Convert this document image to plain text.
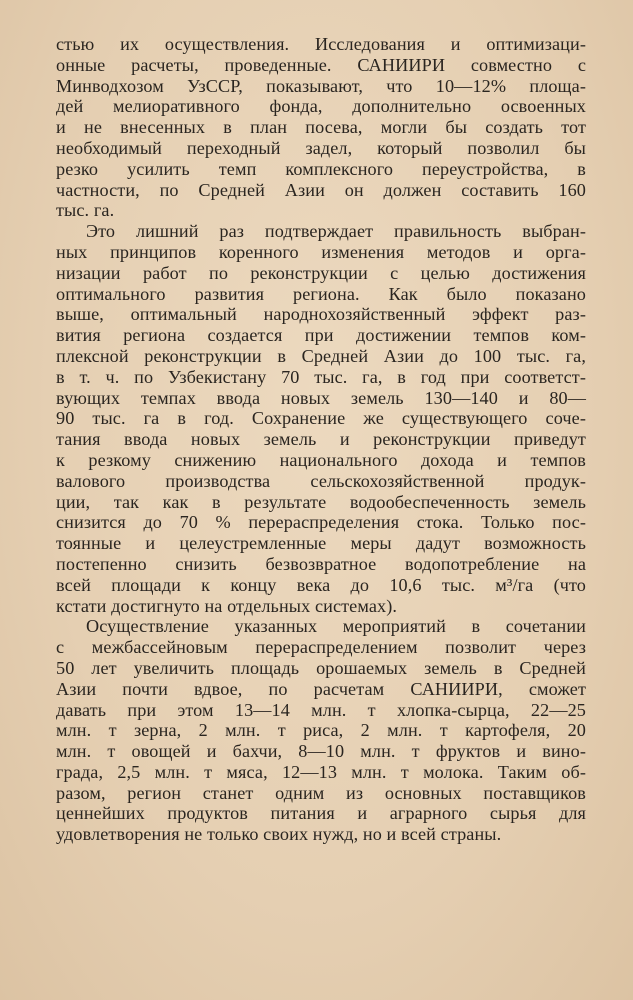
стью их осуществления. Исследования и оптимизаци-
онные расчеты, проведенные. САНИИРИ совместно с
Минводхозом УзССР, показывают, что 10—12% площа-
дей мелиоративного фонда, дополнительно освоенных
и не внесенных в план посева, могли бы создать тот
необходимый переходный задел, который позволил бы
резко усилить темп комплексного переустройства, в
частности, по Средней Азии он должен составить 160
тыс. га.
Это лишний раз подтверждает правильность выбран-
ных принципов коренного изменения методов и орга-
низации работ по реконструкции с целью достижения
оптимального развития региона. Как было показано
выше, оптимальный народнохозяйственный эффект раз-
вития региона создается при достижении темпов ком-
плексной реконструкции в Средней Азии до 100 тыс. га,
в т. ч. по Узбекистану 70 тыс. га, в год при соответст-
вующих темпах ввода новых земель 130—140 и 80—
90 тыс. га в год. Сохранение же существующего соче-
тания ввода новых земель и реконструкции приведут
к резкому снижению национального дохода и темпов
валового производства сельскохозяйственной продук-
ции, так как в результате водообеспеченность земель
снизится до 70 % перераспределения стока. Только пос-
тоянные и целеустремленные меры дадут возможность
постепенно снизить безвозвратное водопотребление на
всей площади к концу века до 10,6 тыс. м³/га (что
кстати достигнуто на отдельных системах).
Осуществление указанных мероприятий в сочетании
с межбассейновым перераспределением позволит через
50 лет увеличить площадь орошаемых земель в Средней
Азии почти вдвое, по расчетам САНИИРИ, сможет
давать при этом 13—14 млн. т хлопка-сырца, 22—25
млн. т зерна, 2 млн. т риса, 2 млн. т картофеля, 20
млн. т овощей и бахчи, 8—10 млн. т фруктов и вино-
града, 2,5 млн. т мяса, 12—13 млн. т молока. Таким об-
разом, регион станет одним из основных поставщиков
ценнейших продуктов питания и аграрного сырья для
удовлетворения не только своих нужд, но и всей страны.
